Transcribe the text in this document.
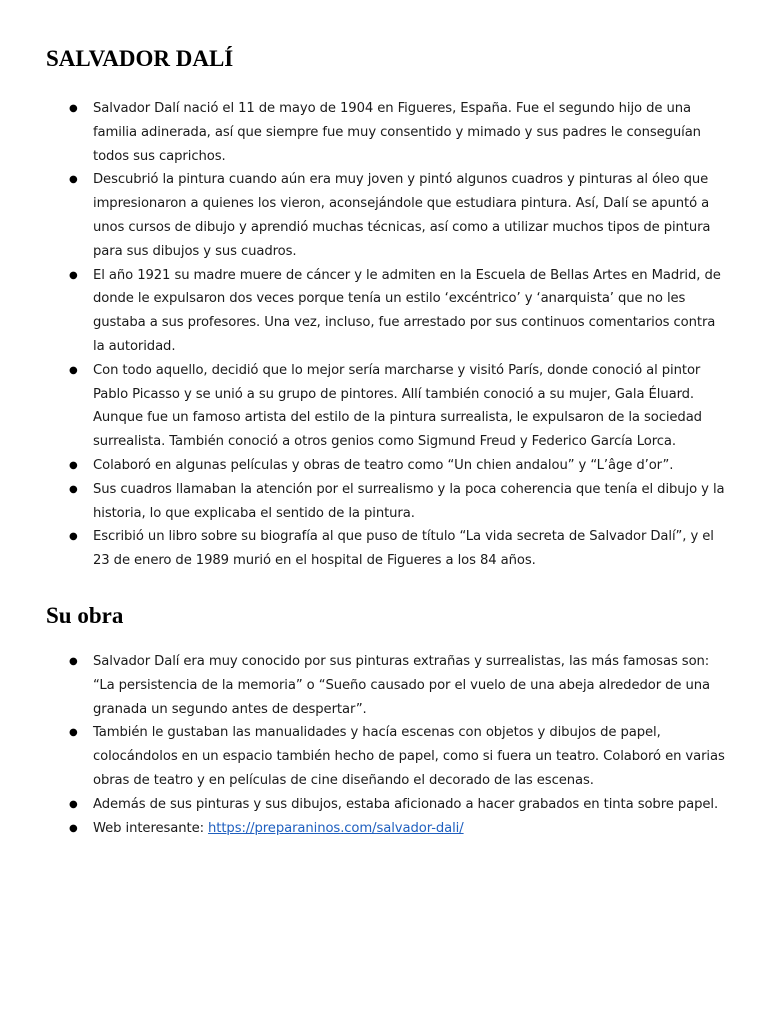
SALVADOR DALÍ
● Salvador Dalí nació el 11 de mayo de 1904 en Figueres, España. Fue el segundo hijo de una familia adinerada, así que siempre fue muy consentido y mimado y sus padres le conseguían todos sus caprichos.
● Descubrió la pintura cuando aún era muy joven y pintó algunos cuadros y pinturas al óleo que impresionaron a quienes los vieron, aconsejándole que estudiara pintura. Así, Dalí se apuntó a unos cursos de dibujo y aprendió muchas técnicas, así como a utilizar muchos tipos de pintura para sus dibujos y sus cuadros.
● El año 1921 su madre muere de cáncer y le admiten en la Escuela de Bellas Artes en Madrid, de donde le expulsaron dos veces porque tenía un estilo ‘excéntrico’ y ‘anarquista’ que no les gustaba a sus profesores. Una vez, incluso, fue arrestado por sus continuos comentarios contra la autoridad.
● Con todo aquello, decidió que lo mejor sería marcharse y visitó París, donde conoció al pintor Pablo Picasso y se unió a su grupo de pintores. Allí también conoció a su mujer, Gala Éluard. Aunque fue un famoso artista del estilo de la pintura surrealista, le expulsaron de la sociedad surrealista. También conoció a otros genios como Sigmund Freud y Federico García Lorca.
● Colaboró en algunas películas y obras de teatro como “Un chien andalou” y “L’âge d’or”.
● Sus cuadros llamaban la atención por el surrealismo y la poca coherencia que tenía el dibujo y la historia, lo que explicaba el sentido de la pintura.
● Escribió un libro sobre su biografía al que puso de título “La vida secreta de Salvador Dalí”, y el 23 de enero de 1989 murió en el hospital de Figueres a los 84 años.
Su obra
● Salvador Dalí era muy conocido por sus pinturas extrañas y surrealistas, las más famosas son: “La persistencia de la memoria” o “Sueño causado por el vuelo de una abeja alrededor de una granada un segundo antes de despertar”.
● También le gustaban las manualidades y hacía escenas con objetos y dibujos de papel, colocándolos en un espacio también hecho de papel, como si fuera un teatro. Colaboró en varias obras de teatro y en películas de cine diseñando el decorado de las escenas.
● Además de sus pinturas y sus dibujos, estaba aficionado a hacer grabados en tinta sobre papel.
● Web interesante: https://preparaninos.com/salvador-dali/
